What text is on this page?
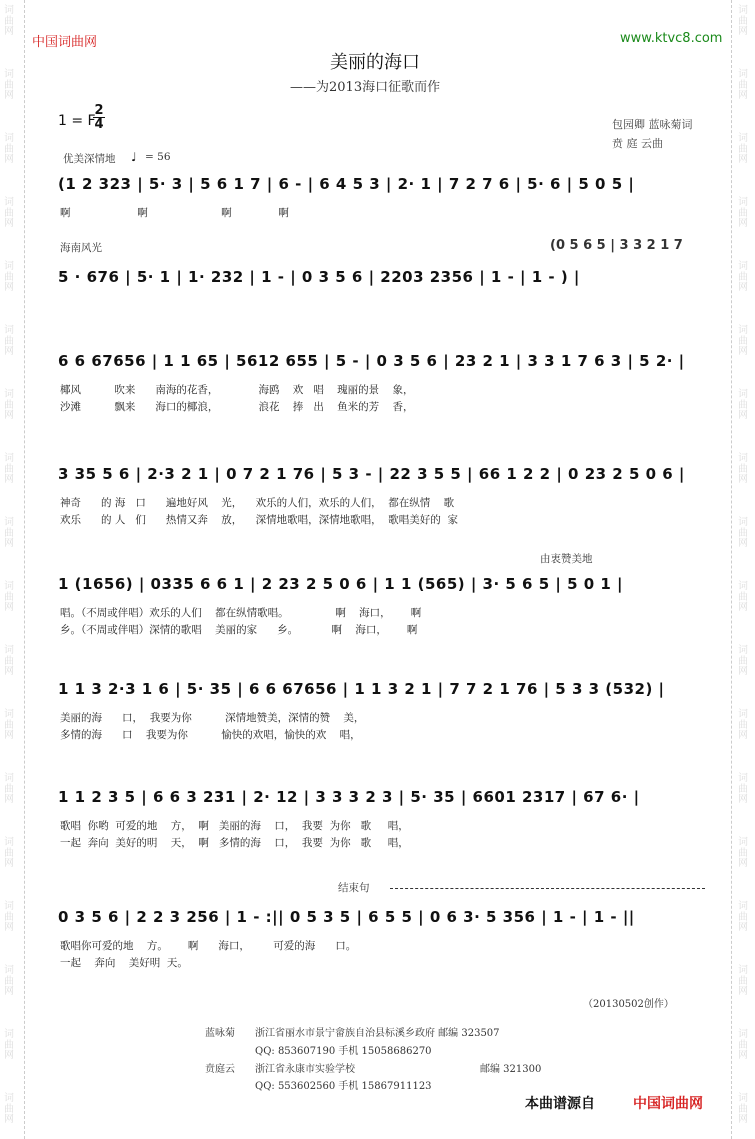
词曲网
词曲网
词曲网
词曲网
词曲网
词曲网
词曲网
词曲网
词曲网
词曲网
词曲网
词曲网
词曲网
词曲网
词曲网
词曲网
词曲网
词曲网
词曲网
词曲网
词曲网
词曲网
词曲网
词曲网
词曲网
词曲网
词曲网
词曲网
词曲网
词曲网
词曲网
词曲网
词曲网
词曲网
词曲网
词曲网
中国词曲网	www.ktvc8.com
美丽的海口
——为2013海口征歌而作
1 = F
2
4	包园卿 蓝咏菊词
贲 庭 云曲
优美深情地 ♩ = 56
(1 2 323 | 5· 3 | 5 6 1 7 | 6 - | 6 4 5 3 | 2· 1 | 7 2 7 6 | 5· 6 | 5 0 5 |
啊                    啊                      啊              啊
海南风光	(0 5 6 5 | 3 3 2 1 7
5 · 676 | 5· 1 | 1· 232 | 1 - | 0 3 5 6 | 2203 2356 | 1 - | 1 - ) |
6 6 67656 | 1 1 65 | 5612 655 | 5 - | 0 3 5 6 | 23 2 1 | 3 3 1 7 6 3 | 5 2· |
椰风          吹来      南海的花香，            海鸥    欢   唱    瑰丽的景    象，
沙滩          飘来      海口的椰浪，            浪花    捧   出    鱼米的芳    香，
3 35 5 6 | 2·3 2 1 | 0 7 2 1 76 | 5 3 - | 22 3 5 5 | 66 1 2 2 | 0 23 2 5 0 6 |
神奇      的 海   口      遍地好风    光，    欢乐的人们，欢乐的人们，  都在纵情    歌
欢乐      的 人   们      热情又奔    放，    深情地歌唱，深情地歌唱，  歌唱美好的  家
由衷赞美地
1 (1656) | 0335 6 6 1 | 2 23 2 5 0 6 | 1 1 (565) | 3· 5 6 5 | 5 0 1 |
唱。（不周或伴唱）欢乐的人们    都在纵情歌唱。              啊    海口，      啊
乡。（不周或伴唱）深情的歌唱    美丽的家      乡。          啊    海口，      啊
1 1 3 2·3 1 6 | 5· 35 | 6 6 67656 | 1 1 3 2 1 | 7 7 2 1 76 | 5 3 3 (532) |
美丽的海      口，  我要为你          深情地赞美，深情的赞    美，
多情的海      口    我要为你          愉快的欢唱，愉快的欢    唱，
1 1 2 3 5 | 6 6 3 231 | 2· 12 | 3 3 3 2 3 | 5· 35 | 6601 2317 | 67 6· |
歌唱  你哟  可爱的地    方，  啊   美丽的海    口，  我要  为你   歌     唱，
一起  奔向  美好的明    天，  啊   多情的海    口，  我要  为你   歌     唱，
结束句
0 3 5 6 | 2 2 3 256 | 1 - :|| 0 5 3 5 | 6 5 5 | 0 6 3· 5 356 | 1 - | 1 - ||
歌唱你可爱的地    方。      啊      海口，       可爱的海      口。
一起    奔向    美好明  天。
（20130502创作）
蓝咏菊 浙江省丽水市景宁畲族自治县标溪乡政府 邮编 323507
QQ: 853607190 手机 15058686270
贲庭云 浙江省永康市实验学校	邮编 321300
QQ: 553602560 手机 15867911123
本曲谱源自	中国词曲网
